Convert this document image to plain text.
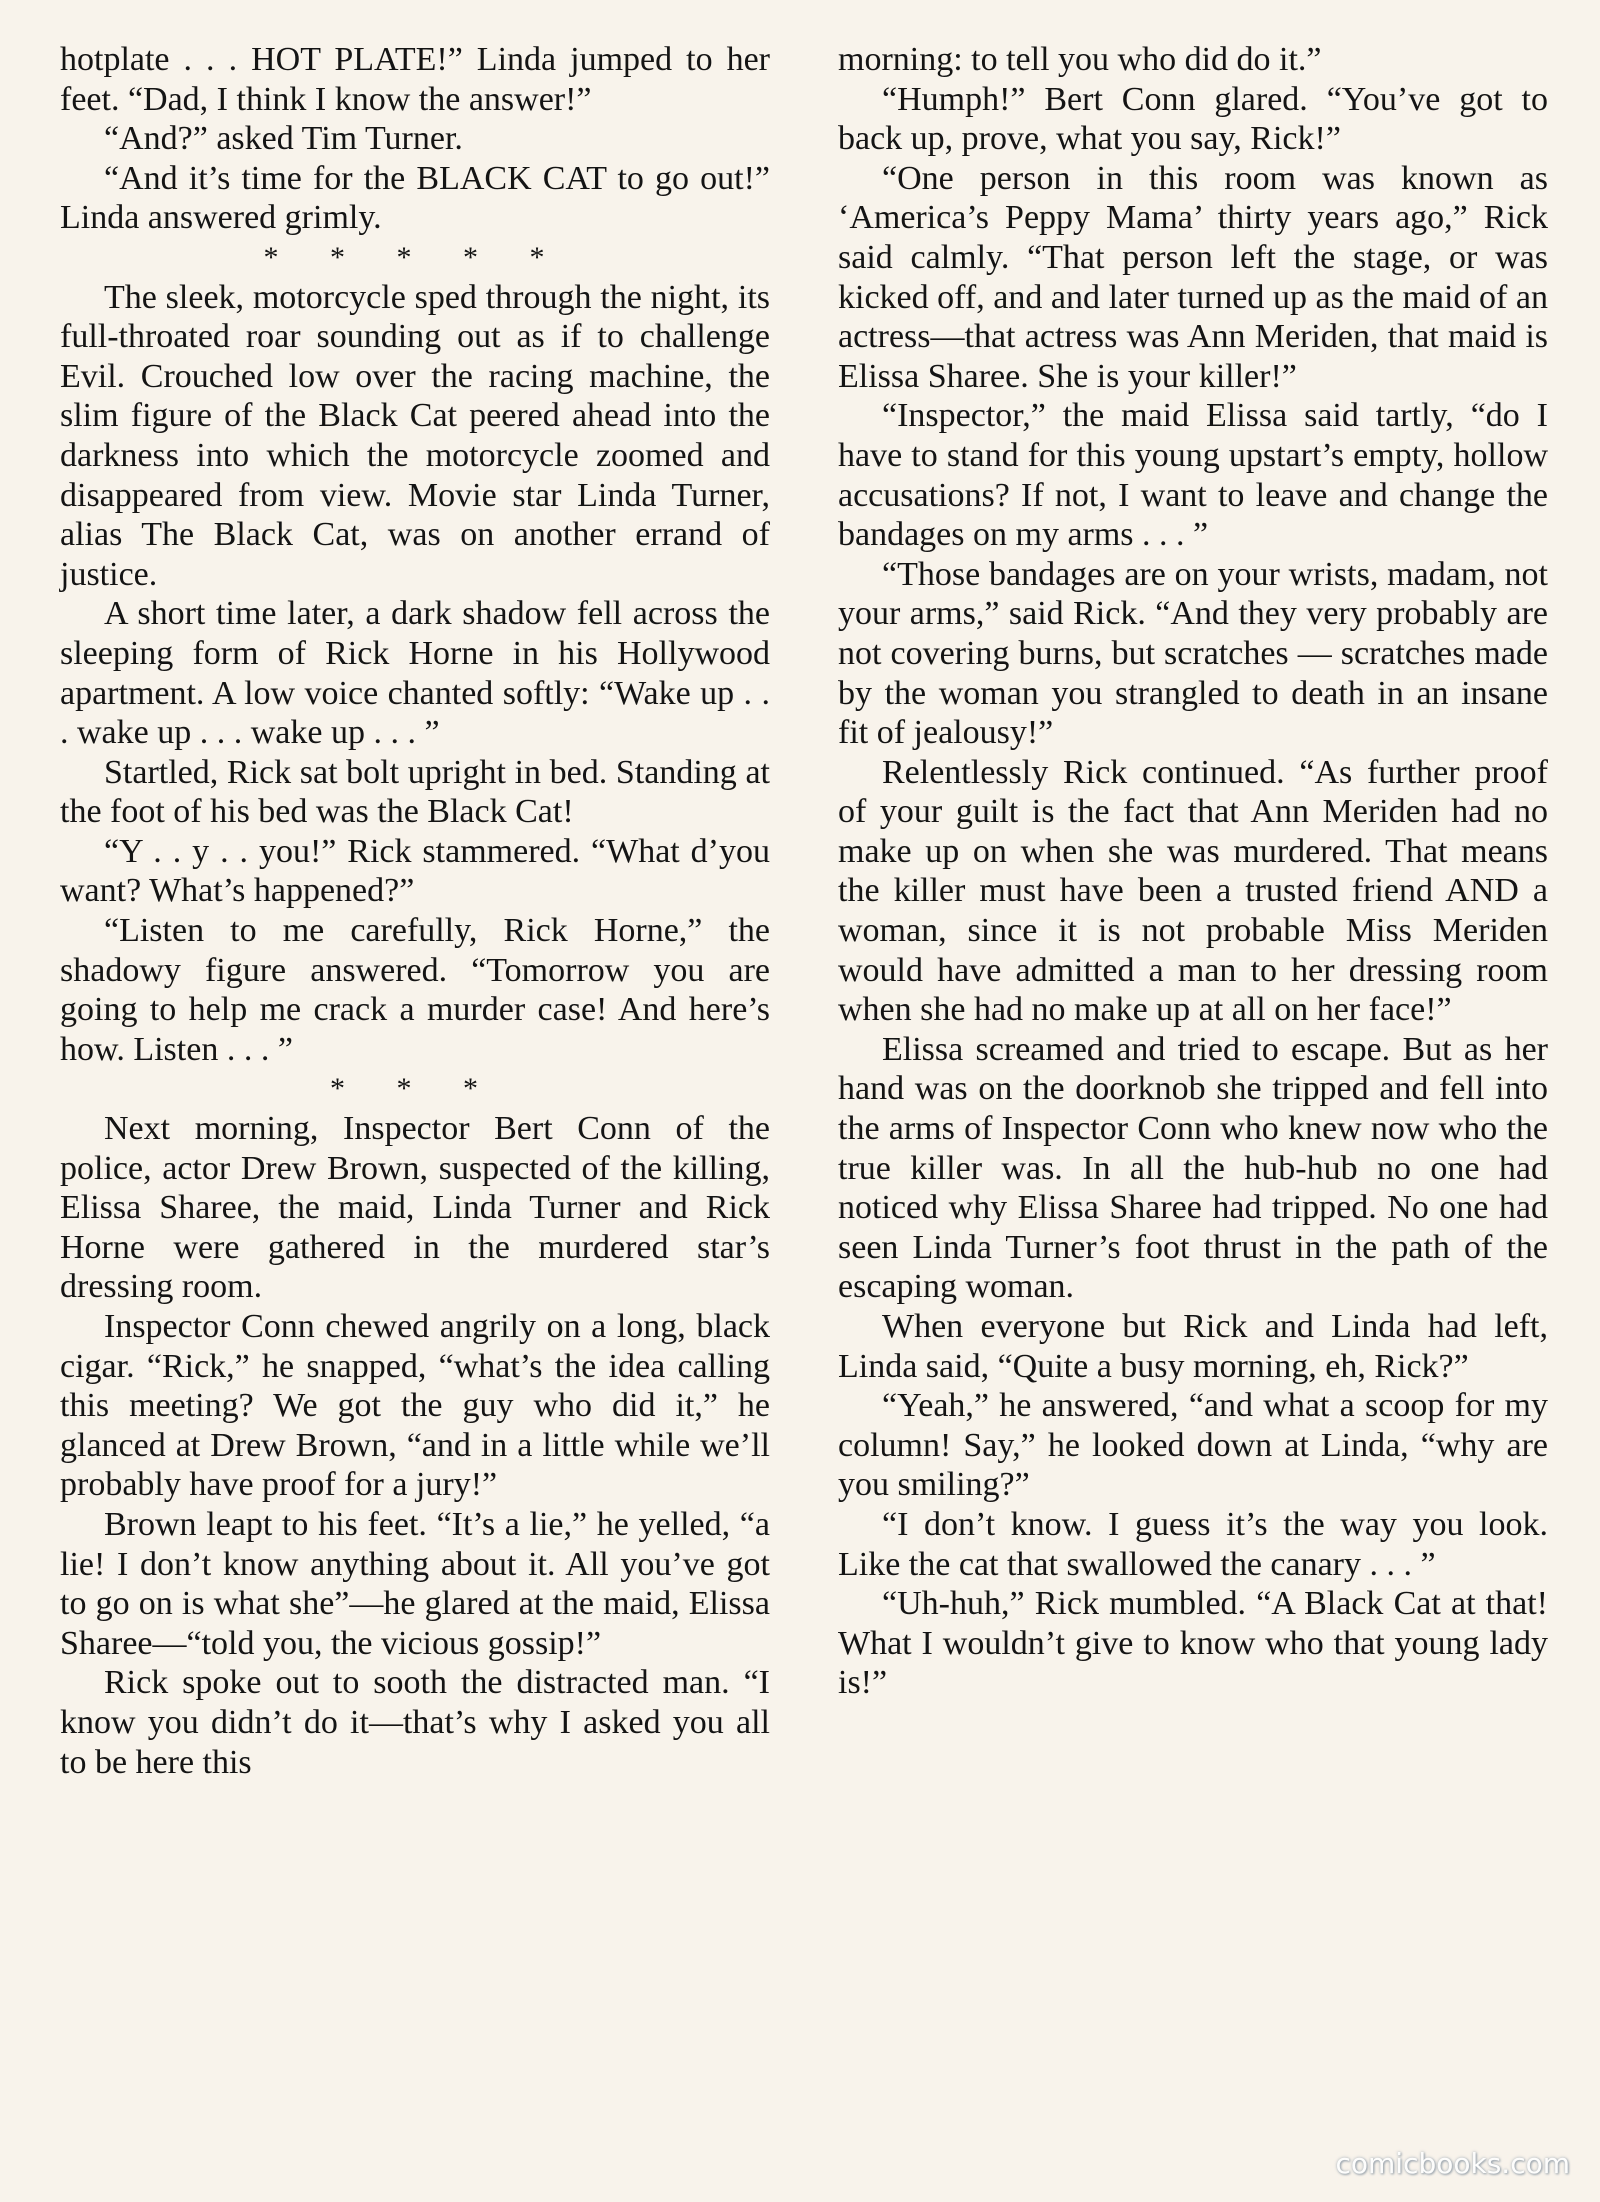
hotplate . . . HOT PLATE!” Linda jumped to her feet. “Dad, I think I know the answer!”

“And?” asked Tim Turner.

“And it’s time for the BLACK CAT to go out!” Linda answered grimly.

* * * * *

The sleek, motorcycle sped through the night, its full-throated roar sounding out as if to challenge Evil. Crouched low over the racing machine, the slim figure of the Black Cat peered ahead into the darkness into which the motorcycle zoomed and disappeared from view. Movie star Linda Turner, alias The Black Cat, was on another errand of justice.

A short time later, a dark shadow fell across the sleeping form of Rick Horne in his Hollywood apartment. A low voice chanted softly: “Wake up . . . wake up . . . wake up . . . ”

Startled, Rick sat bolt upright in bed. Standing at the foot of his bed was the Black Cat!

“Y . . y . . you!” Rick stammered. “What d’you want? What’s happened?”

“Listen to me carefully, Rick Horne,” the shadowy figure answered. “Tomorrow you are going to help me crack a murder case! And here’s how. Listen . . . ”

* * *

Next morning, Inspector Bert Conn of the police, actor Drew Brown, suspected of the killing, Elissa Sharee, the maid, Linda Turner and Rick Horne were gathered in the murdered star’s dressing room.

Inspector Conn chewed angrily on a long, black cigar. “Rick,” he snapped, “what’s the idea calling this meeting? We got the guy who did it,” he glanced at Drew Brown, “and in a little while we’ll probably have proof for a jury!”

Brown leapt to his feet. “It’s a lie,” he yelled, “a lie! I don’t know anything about it. All you’ve got to go on is what she”—he glared at the maid, Elissa Sharee—“told you, the vicious gossip!”

Rick spoke out to sooth the distracted man. “I know you didn’t do it—that’s why I asked you all to be here this

morning: to tell you who did do it.”

“Humph!” Bert Conn glared. “You’ve got to back up, prove, what you say, Rick!”

“One person in this room was known as ‘America’s Peppy Mama’ thirty years ago,” Rick said calmly. “That person left the stage, or was kicked off, and and later turned up as the maid of an actress—that actress was Ann Meriden, that maid is Elissa Sharee. She is your killer!”

“Inspector,” the maid Elissa said tartly, “do I have to stand for this young upstart’s empty, hollow accusations? If not, I want to leave and change the bandages on my arms . . . ”

“Those bandages are on your wrists, madam, not your arms,” said Rick. “And they very probably are not covering burns, but scratches — scratches made by the woman you strangled to death in an insane fit of jealousy!”

Relentlessly Rick continued. “As further proof of your guilt is the fact that Ann Meriden had no make up on when she was murdered. That means the killer must have been a trusted friend AND a woman, since it is not probable Miss Meriden would have admitted a man to her dressing room when she had no make up at all on her face!”

Elissa screamed and tried to escape. But as her hand was on the doorknob she tripped and fell into the arms of Inspector Conn who knew now who the true killer was. In all the hub-hub no one had noticed why Elissa Sharee had tripped. No one had seen Linda Turner’s foot thrust in the path of the escaping woman.

When everyone but Rick and Linda had left, Linda said, “Quite a busy morning, eh, Rick?”

“Yeah,” he answered, “and what a scoop for my column! Say,” he looked down at Linda, “why are you smiling?”

“I don’t know. I guess it’s the way you look. Like the cat that swallowed the canary . . . ”

“Uh-huh,” Rick mumbled. “A Black Cat at that! What I wouldn’t give to know who that young lady is!”

comicbooks.com
